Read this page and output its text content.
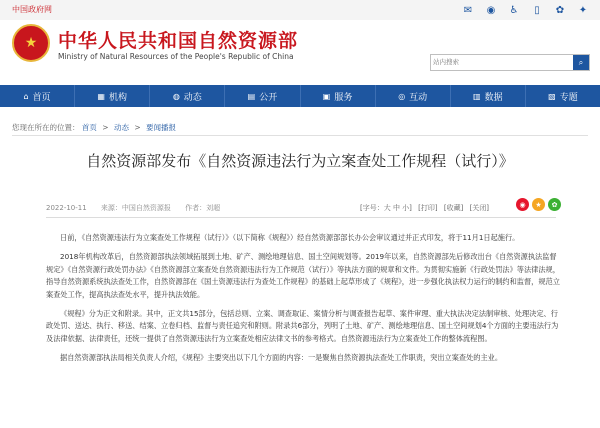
中国政府网	✉ ◉ ♿	▯	✿ ✦
★ 中华人民共和国自然资源部
Ministry of Natural Resources of the People's Republic of China
站内搜索
⌕
⌂ 首页	▦ 机构	◍ 动态	▤ 公开	▣ 服务	◎ 互动	▥ 数据	▧ 专题
您现在所在的位置： 首页 > 动态 > 要闻播报
自然资源部发布《自然资源违法行为立案查处工作规程（试行）》
2022-10-11 来源：中国自然资源报 作者：刘超	[字号：大 中 小] [打印] [收藏] [关闭]	◉	★	✿

日前，《自然资源违法行为立案查处工作规程（试行）》（以下简称《规程》）经自然资源部部长办公会审议通过并正式印发，将于11月1日起施行。

2018年机构改革后，自然资源部执法领域拓展到土地、矿产、测绘地理信息、国土空间规划等。2019年以来，自然资源部先后修改出台《自然资源执法监督规定》《自然资源行政处罚办法》《自然资源部立案查处自然资源违法行为工作规范（试行）》等执法方面的规章和文件。为贯彻实施新《行政处罚法》等法律法规，指导自然资源系统执法查处工作，自然资源部在《国土资源违法行为查处工作规程》的基础上起草形成了《规程》，进一步强化执法权力运行的制约和监督，规范立案查处工作，提高执法查处水平，提升执法效能。

《规程》分为正文和附录。其中，正文共15部分，包括总则、立案、调查取证、案情分析与调查报告起草、案件审理、重大执法决定法制审核、处理决定、行政处罚、送达、执行、移送、结案、立卷归档、监督与责任追究和附则。附录共6部分，列明了土地、矿产、测绘地理信息、国土空间规划4个方面的主要违法行为及法律依据、法律责任，还统一提供了自然资源违法行为立案查处相应法律文书的参考格式。自然资源违法行为立案查处工作的整体流程图。

据自然资源部执法局相关负责人介绍，《规程》主要突出以下几个方面的内容：一是聚焦自然资源执法查处工作职责，突出立案查处的主业。
